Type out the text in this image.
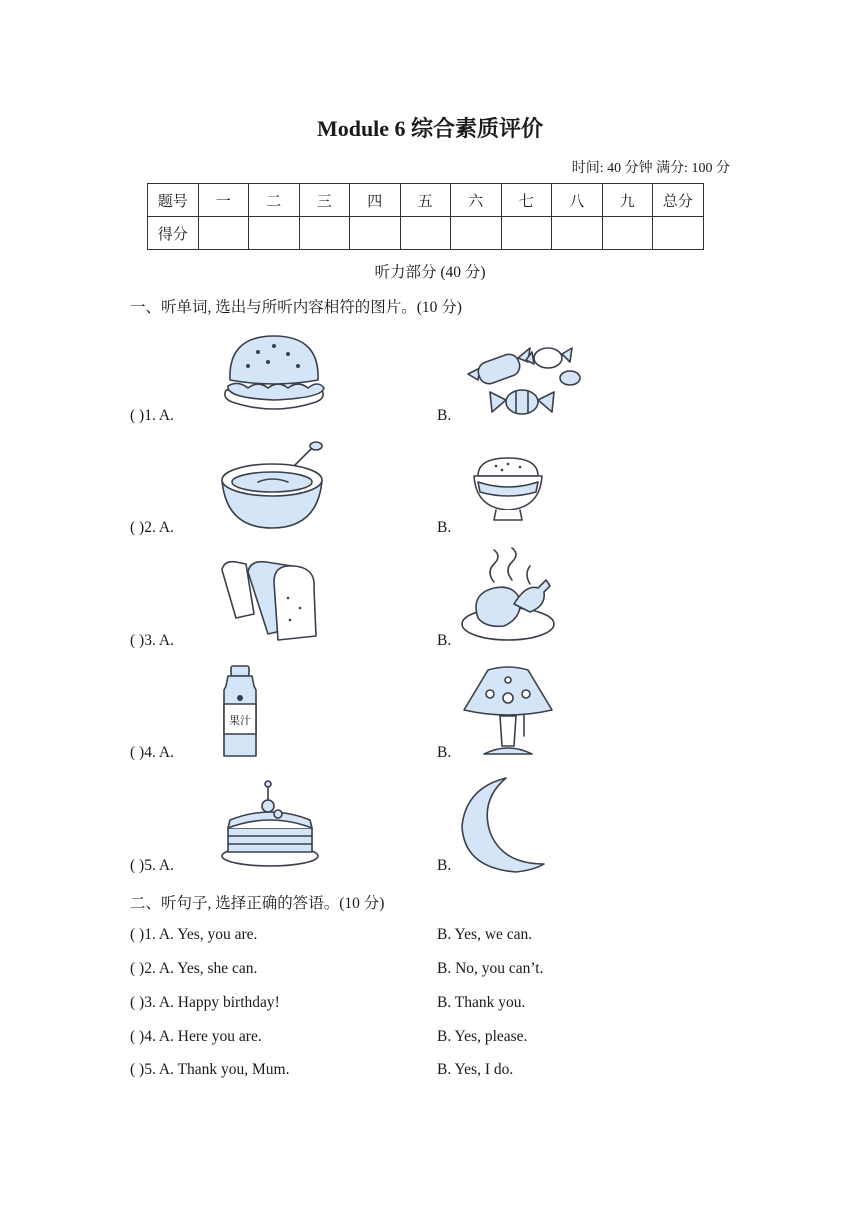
Module 6 综合素质评价
时间: 40 分钟 满分: 100 分
题号	一	二	三	四	五	六	七	八	九	总分
得分										
听力部分 (40 分)
一、听单词, 选出与所听内容相符的图片。(10 分)
( )1. A.	B.
( )2. A.	B.
( )3. A.	B.
( )4. A.	B.
( )5. A.	B.
果汁
二、听句子, 选择正确的答语。(10 分)
( )1. A. Yes, you are.	B. Yes, we can.
( )2. A. Yes, she can.	B. No, you can’t.
( )3. A. Happy birthday!	B. Thank you.
( )4. A. Here you are.	B. Yes, please.
( )5. A. Thank you, Mum.	B. Yes, I do.
